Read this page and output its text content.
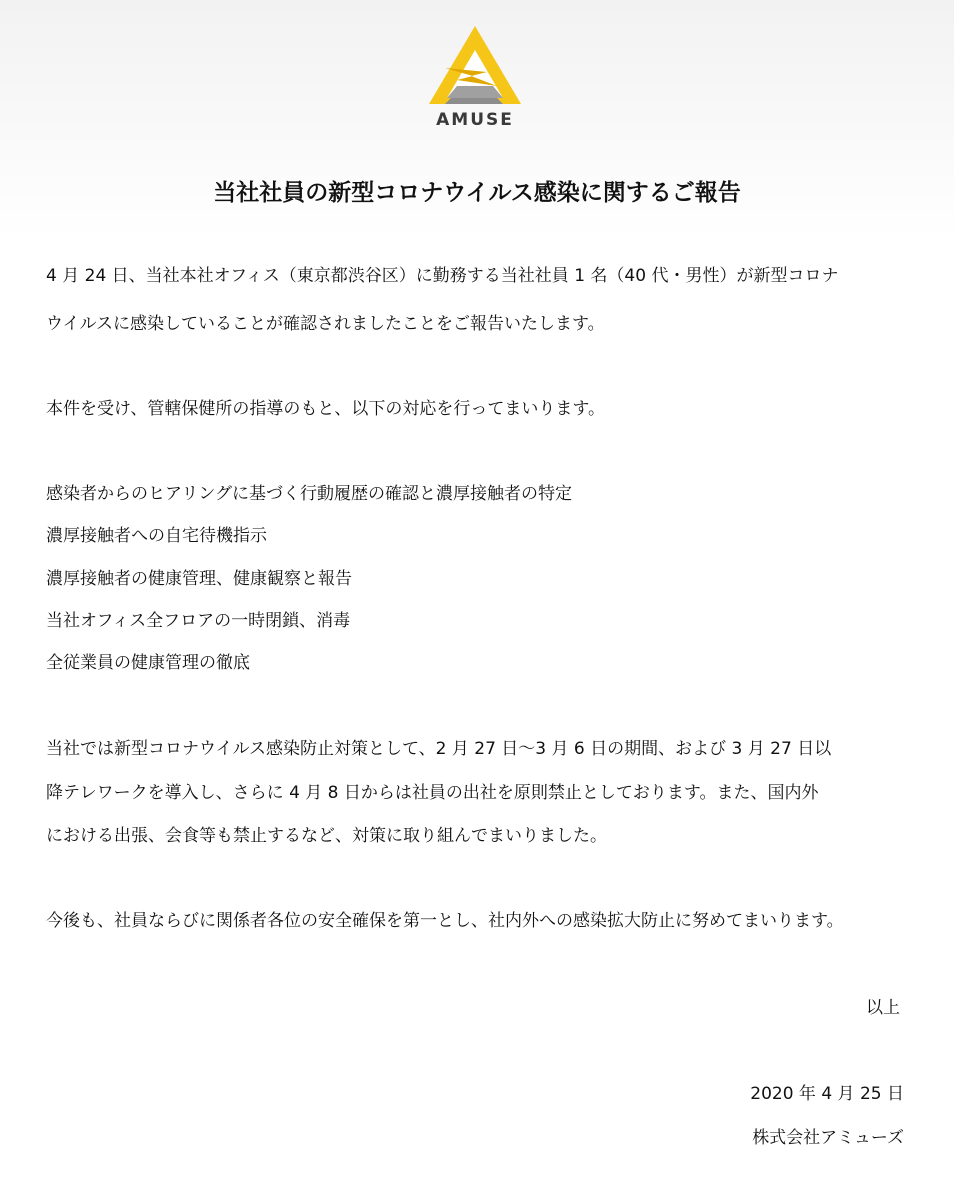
AMUSE
当社社員の新型コロナウイルス感染に関するご報告
4 月 24 日、当社本社オフィス（東京都渋谷区）に勤務する当社社員 1 名（40 代・男性）が新型コロナ
ウイルスに感染していることが確認されましたことをご報告いたします。
本件を受け、管轄保健所の指導のもと、以下の対応を行ってまいります。
感染者からのヒアリングに基づく行動履歴の確認と濃厚接触者の特定
濃厚接触者への自宅待機指示
濃厚接触者の健康管理、健康観察と報告
当社オフィス全フロアの一時閉鎖、消毒
全従業員の健康管理の徹底
当社では新型コロナウイルス感染防止対策として、2 月 27 日～3 月 6 日の期間、および 3 月 27 日以
降テレワークを導入し、さらに 4 月 8 日からは社員の出社を原則禁止としております。また、国内外
における出張、会食等も禁止するなど、対策に取り組んでまいりました。
今後も、社員ならびに関係者各位の安全確保を第一とし、社内外への感染拡大防止に努めてまいります。
以上
2020 年 4 月 25 日
株式会社アミューズ
